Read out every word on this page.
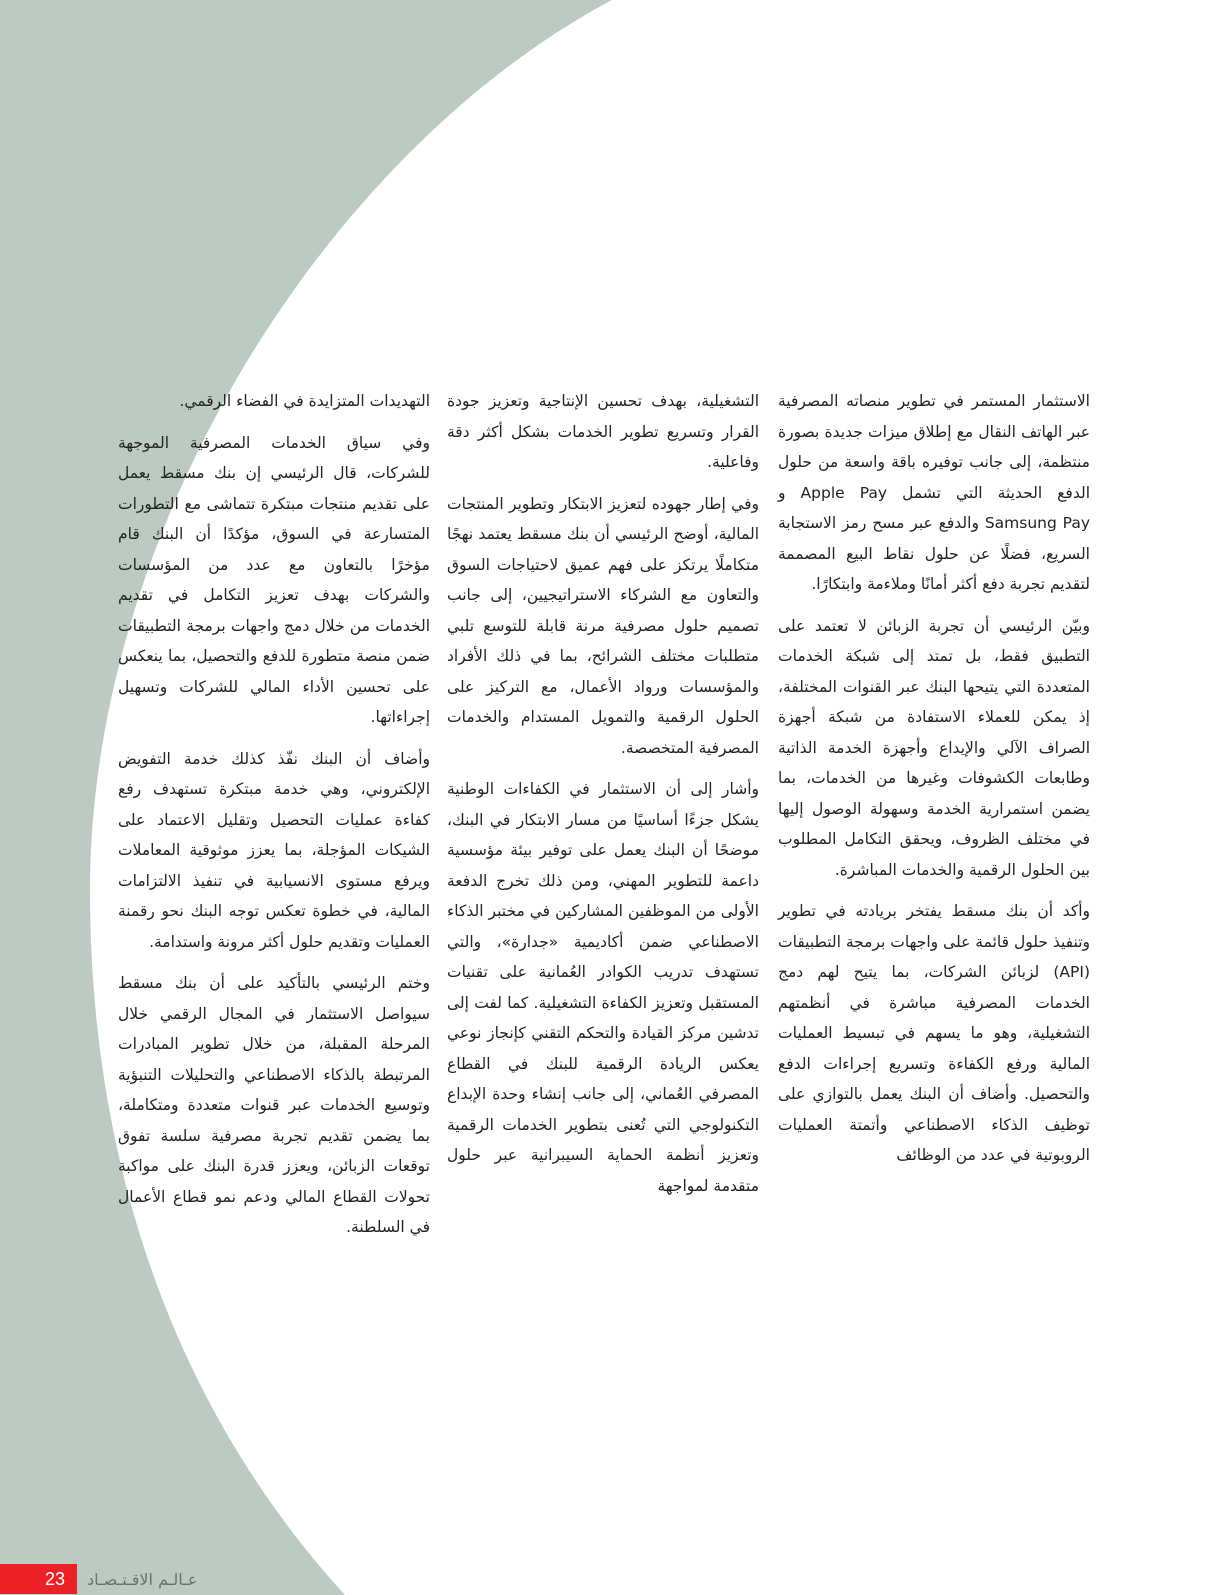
الاستثمار المستمر في تطوير منصاته المصرفية عبر الهاتف النقال مع إطلاق ميزات جديدة بصورة منتظمة، إلى جانب توفيره باقة واسعة من حلول الدفع الحديثة التي تشمل Apple Pay و Samsung Pay والدفع عبر مسح رمز الاستجابة السريع، فضلًا عن حلول نقاط البيع المصممة لتقديم تجربة دفع أكثر أمانًا وملاءمة وابتكارًا.

وبيّن الرئيسي أن تجربة الزبائن لا تعتمد على التطبيق فقط، بل تمتد إلى شبكة الخدمات المتعددة التي يتيحها البنك عبر القنوات المختلفة، إذ يمكن للعملاء الاستفادة من شبكة أجهزة الصراف الآلي والإيداع وأجهزة الخدمة الذاتية وطابعات الكشوفات وغيرها من الخدمات، بما يضمن استمرارية الخدمة وسهولة الوصول إليها في مختلف الظروف، ويحقق التكامل المطلوب بين الحلول الرقمية والخدمات المباشرة.

وأكد أن بنك مسقط يفتخر بريادته في تطوير وتنفيذ حلول قائمة على واجهات برمجة التطبيقات (API) لزبائن الشركات، بما يتيح لهم دمج الخدمات المصرفية مباشرة في أنظمتهم التشغيلية، وهو ما يسهم في تبسيط العمليات المالية ورفع الكفاءة وتسريع إجراءات الدفع والتحصيل. وأضاف أن البنك يعمل بالتوازي على توظيف الذكاء الاصطناعي وأتمتة العمليات الروبوتية في عدد من الوظائف

التشغيلية، بهدف تحسين الإنتاجية وتعزيز جودة القرار وتسريع تطوير الخدمات بشكل أكثر دقة وفاعلية.

وفي إطار جهوده لتعزيز الابتكار وتطوير المنتجات المالية، أوضح الرئيسي أن بنك مسقط يعتمد نهجًا متكاملًا يرتكز على فهم عميق لاحتياجات السوق والتعاون مع الشركاء الاستراتيجيين، إلى جانب تصميم حلول مصرفية مرنة قابلة للتوسع تلبي متطلبات مختلف الشرائح، بما في ذلك الأفراد والمؤسسات ورواد الأعمال، مع التركيز على الحلول الرقمية والتمويل المستدام والخدمات المصرفية المتخصصة.

وأشار إلى أن الاستثمار في الكفاءات الوطنية يشكل جزءًا أساسيًا من مسار الابتكار في البنك، موضحًا أن البنك يعمل على توفير بيئة مؤسسية داعمة للتطوير المهني، ومن ذلك تخرج الدفعة الأولى من الموظفين المشاركين في مختبر الذكاء الاصطناعي ضمن أكاديمية «جدارة»، والتي تستهدف تدريب الكوادر العُمانية على تقنيات المستقبل وتعزيز الكفاءة التشغيلية. كما لفت إلى تدشين مركز القيادة والتحكم التقني كإنجاز نوعي يعكس الريادة الرقمية للبنك في القطاع المصرفي العُماني، إلى جانب إنشاء وحدة الإبداع التكنولوجي التي تُعنى بتطوير الخدمات الرقمية وتعزيز أنظمة الحماية السيبرانية عبر حلول متقدمة لمواجهة

التهديدات المتزايدة في الفضاء الرقمي.

وفي سياق الخدمات المصرفية الموجهة للشركات، قال الرئيسي إن بنك مسقط يعمل على تقديم منتجات مبتكرة تتماشى مع التطورات المتسارعة في السوق، مؤكدًا أن البنك قام مؤخرًا بالتعاون مع عدد من المؤسسات والشركات بهدف تعزيز التكامل في تقديم الخدمات من خلال دمج واجهات برمجة التطبيقات ضمن منصة متطورة للدفع والتحصيل، بما ينعكس على تحسين الأداء المالي للشركات وتسهيل إجراءاتها.

وأضاف أن البنك نفّذ كذلك خدمة التفويض الإلكتروني، وهي خدمة مبتكرة تستهدف رفع كفاءة عمليات التحصيل وتقليل الاعتماد على الشيكات المؤجلة، بما يعزز موثوقية المعاملات ويرفع مستوى الانسيابية في تنفيذ الالتزامات المالية، في خطوة تعكس توجه البنك نحو رقمنة العمليات وتقديم حلول أكثر مرونة واستدامة.

وختم الرئيسي بالتأكيد على أن بنك مسقط سيواصل الاستثمار في المجال الرقمي خلال المرحلة المقبلة، من خلال تطوير المبادرات المرتبطة بالذكاء الاصطناعي والتحليلات التنبؤية وتوسيع الخدمات عبر قنوات متعددة ومتكاملة، بما يضمن تقديم تجربة مصرفية سلسة تفوق توقعات الزبائن، ويعزز قدرة البنك على مواكبة تحولات القطاع المالي ودعم نمو قطاع الأعمال في السلطنة.

23	عـالـم الاقـتـصـاد
